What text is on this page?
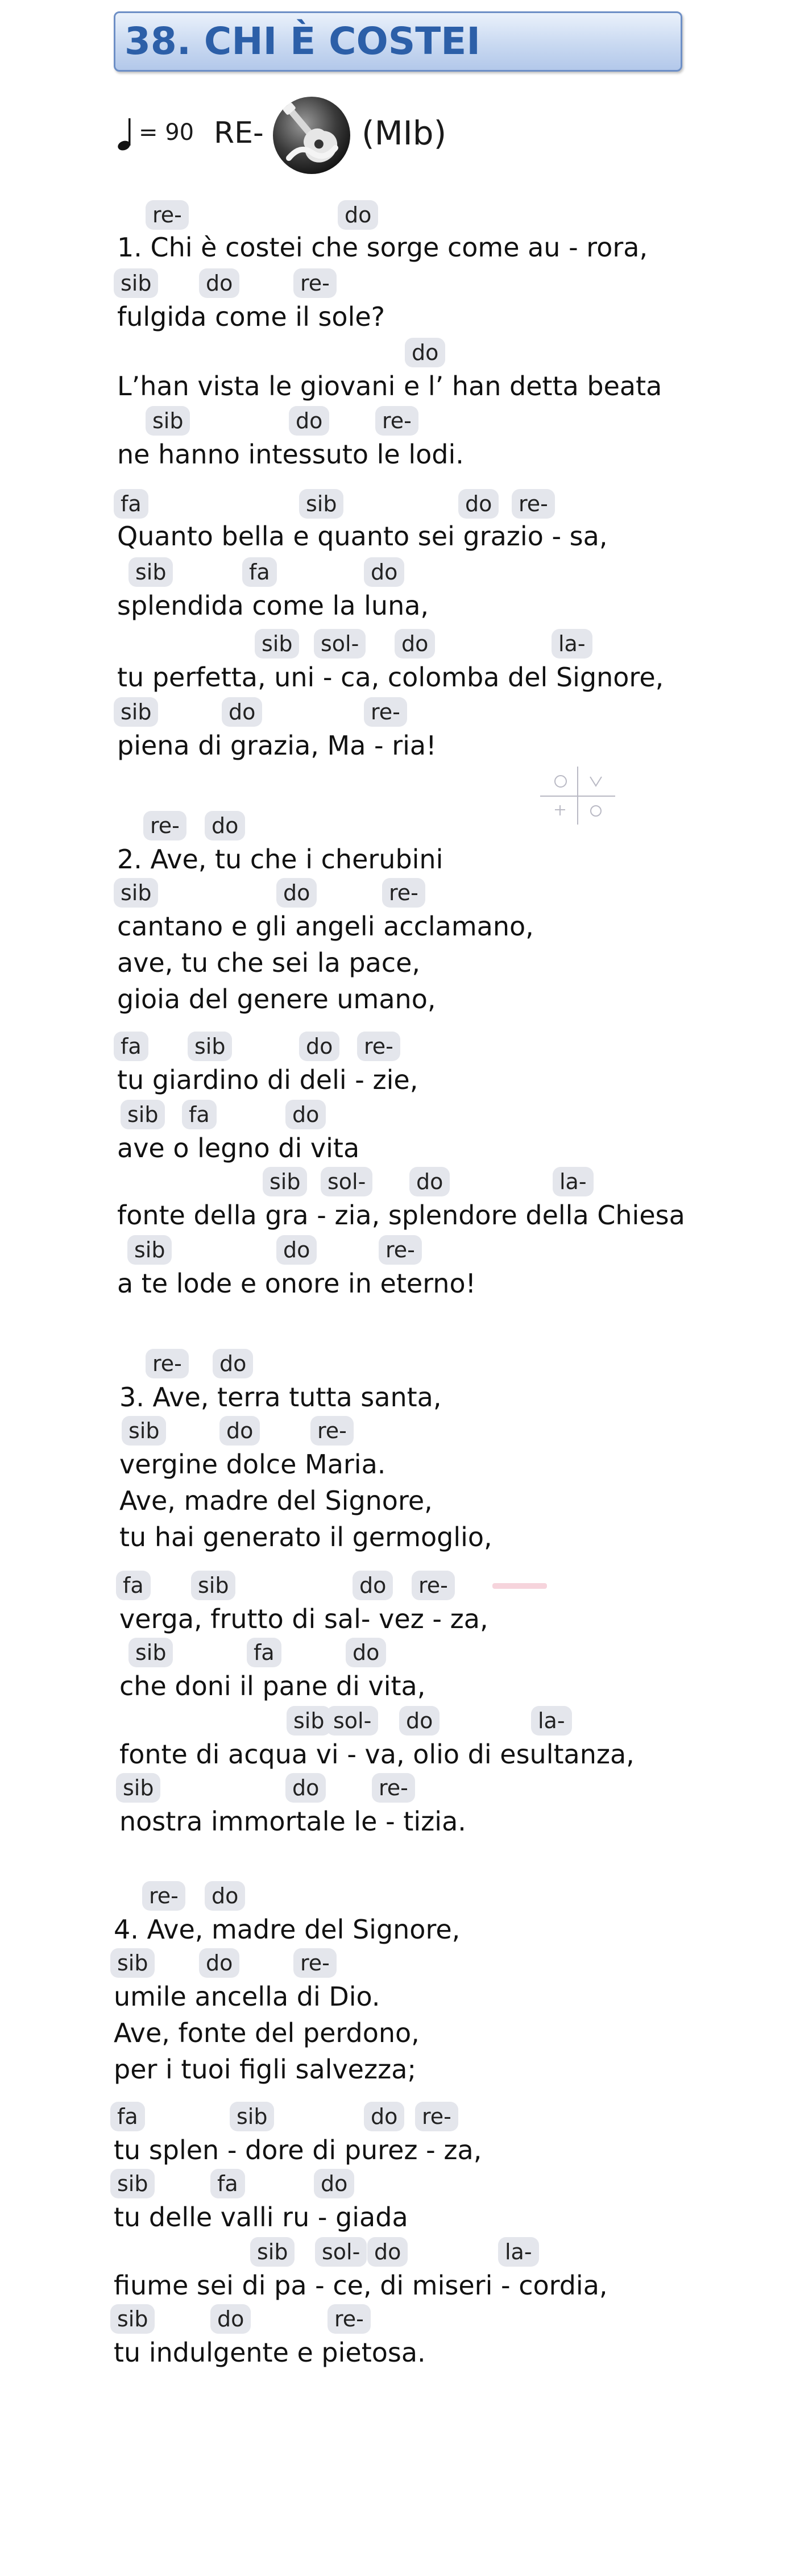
38. CHI È COSTEI
= 90 RE-	(MIb)
re-	do
1. Chi è costei che sorge come au - rora,
sib	do	re-
fulgida come il sole?
do
L’han vista le giovani e l’ han detta beata
sib	do	re-
ne hanno intessuto le lodi.
fa	sib	do	re-
Quanto bella e quanto sei grazio - sa,
sib	fa	do
splendida come la luna,
sib	sol-	do	la-
tu perfetta, uni - ca, colomba del Signore,
sib	do	re-
piena di grazia, Ma - ria!
re-	do
2. Ave, tu che i cherubini
sib	do	re-
cantano e gli angeli acclamano,
ave, tu che sei la pace,
gioia del genere umano,
fa	sib	do	re-
tu giardino di deli - zie,
sib	fa	do
ave o legno di vita
sib	sol-	do	la-
fonte della gra - zia, splendore della Chiesa
sib	do	re-
a te lode e onore in eterno!
re-	do
3. Ave, terra tutta santa,
sib	do	re-
vergine dolce Maria.
Ave, madre del Signore,
tu hai generato il germoglio,
fa	sib	do	re-
verga, frutto di sal- vez - za,
sib	fa	do
che doni il pane di vita,
sib sol-	do	la-
fonte di acqua vi - va, olio di esultanza,
sib	do	re-
nostra immortale le - tizia.
re-	do
4. Ave, madre del Signore,
sib	do	re-
umile ancella di Dio.
Ave, fonte del perdono,
per i tuoi figli salvezza;
fa	sib	do	re-
tu splen - dore di purez - za,
sib	fa	do
tu delle valli ru - giada
sib	sol- do	la-
fiume sei di pa - ce, di miseri - cordia,
sib	do	re-
tu indulgente e pietosa.
